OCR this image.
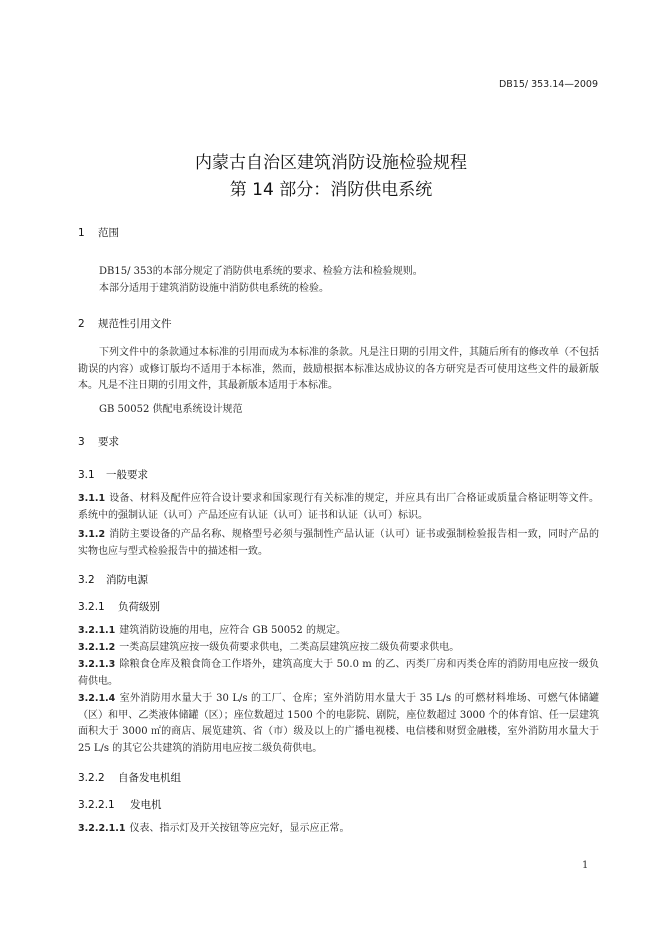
DB15/ 353.14—2009
内蒙古自治区建筑消防设施检验规程
第 14 部分：消防供电系统
1 范围
DB15/ 353的本部分规定了消防供电系统的要求、检验方法和检验规则。
本部分适用于建筑消防设施中消防供电系统的检验。
2 规范性引用文件
下列文件中的条款通过本标准的引用而成为本标准的条款。凡是注日期的引用文件，其随后所有的修改单（不包括勘误的内容）或修订版均不适用于本标准，然而，鼓励根据本标准达成协议的各方研究是否可使用这些文件的最新版本。凡是不注日期的引用文件，其最新版本适用于本标准。
GB 50052 供配电系统设计规范
3 要求
3.1 一般要求
3.1.1 设备、材料及配件应符合设计要求和国家现行有关标准的规定，并应具有出厂合格证或质量合格证明等文件。系统中的强制认证（认可）产品还应有认证（认可）证书和认证（认可）标识。
3.1.2 消防主要设备的产品名称、规格型号必须与强制性产品认证（认可）证书或强制检验报告相一致，同时产品的实物也应与型式检验报告中的描述相一致。
3.2 消防电源
3.2.1 负荷级别
3.2.1.1 建筑消防设施的用电，应符合 GB 50052 的规定。
3.2.1.2 一类高层建筑应按一级负荷要求供电，二类高层建筑应按二级负荷要求供电。
3.2.1.3 除粮食仓库及粮食筒仓工作塔外，建筑高度大于 50.0 m 的乙、丙类厂房和丙类仓库的消防用电应按一级负荷供电。
3.2.1.4 室外消防用水量大于 30 L/s 的工厂、仓库；室外消防用水量大于 35 L/s 的可燃材料堆场、可燃气体储罐（区）和甲、乙类液体储罐（区）；座位数超过 1500 个的电影院、剧院，座位数超过 3000 个的体育馆、任一层建筑面积大于 3000 ㎡的商店、展览建筑、省（市）级及以上的广播电视楼、电信楼和财贸金融楼，室外消防用水量大于 25 L/s 的其它公共建筑的消防用电应按二级负荷供电。
3.2.2 自备发电机组
3.2.2.1 发电机
3.2.2.1.1 仪表、指示灯及开关按钮等应完好，显示应正常。
1
